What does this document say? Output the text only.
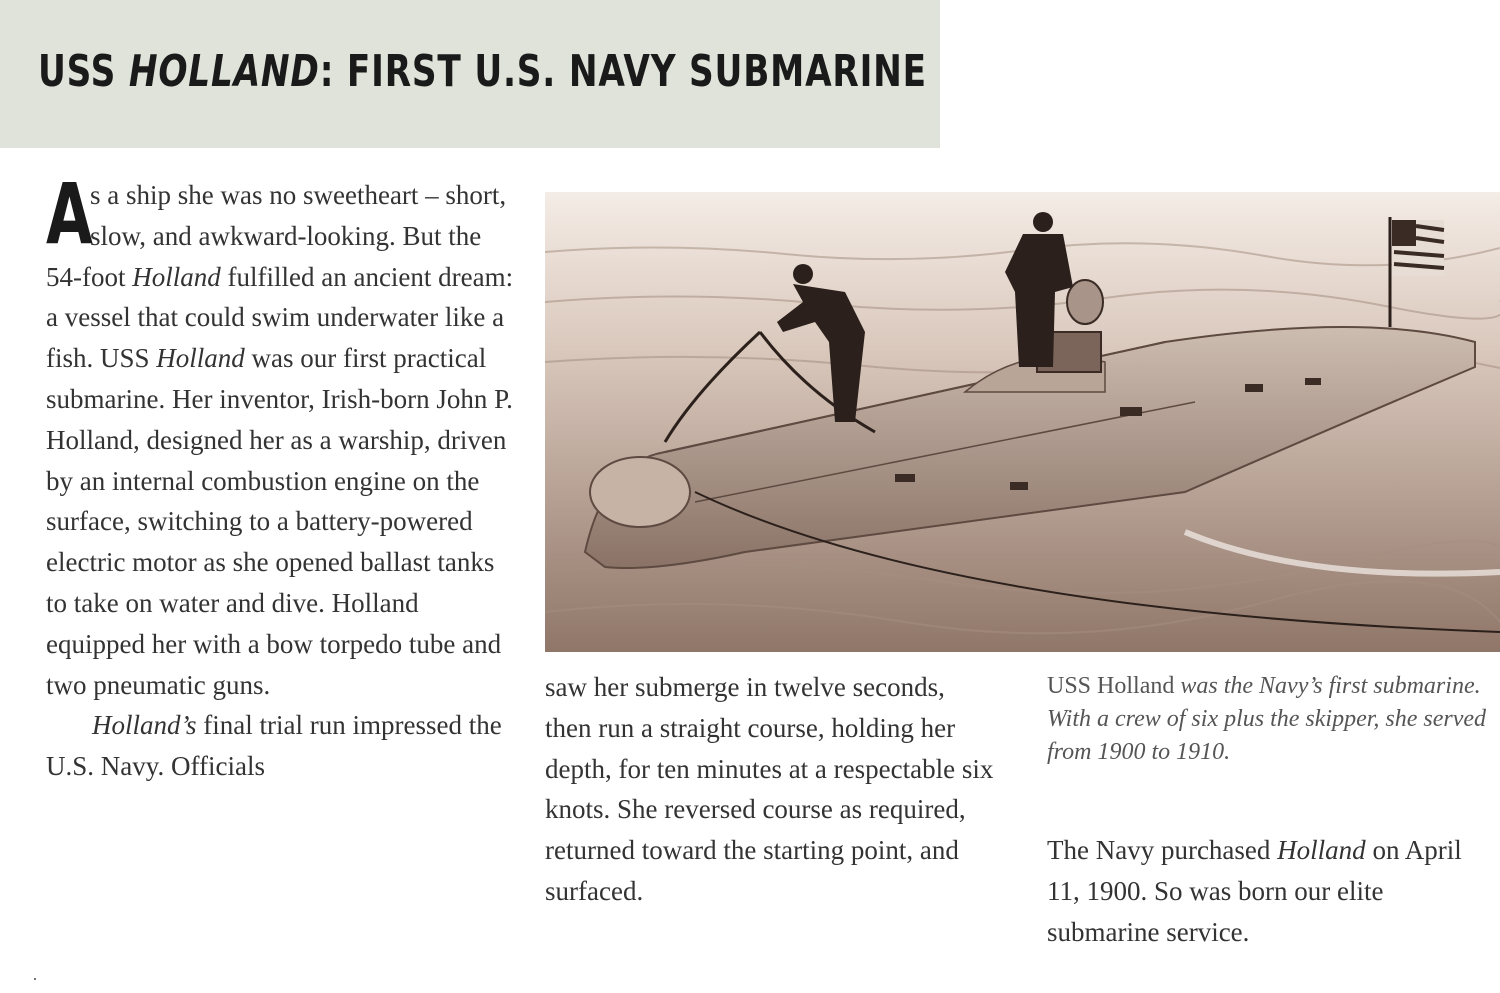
USS HOLLAND: FIRST U.S. NAVY SUBMARINE

A
s a ship she was no sweetheart – short, slow, and awkward-looking. But the 54-foot Holland fulfilled an ancient dream: a vessel that could swim underwater like a fish. USS Holland was our first practical submarine. Her inventor, Irish-born John P. Holland, designed her as a warship, driven by an internal combustion engine on the surface, switching to a battery-powered electric motor as she opened ballast tanks to take on water and dive. Holland equipped her with a bow torpedo tube and two pneumatic guns.

Holland’s final trial run impressed the U.S. Navy. Officials

saw her submerge in twelve seconds, then run a straight course, holding her depth, for ten minutes at a respectable six knots. She reversed course as required, returned toward the starting point, and surfaced.

USS Holland was the Navy’s first submarine. With a crew of six plus the skipper, she served from 1900 to 1910.

The Navy purchased Holland on April 11, 1900. So was born our elite submarine service.
